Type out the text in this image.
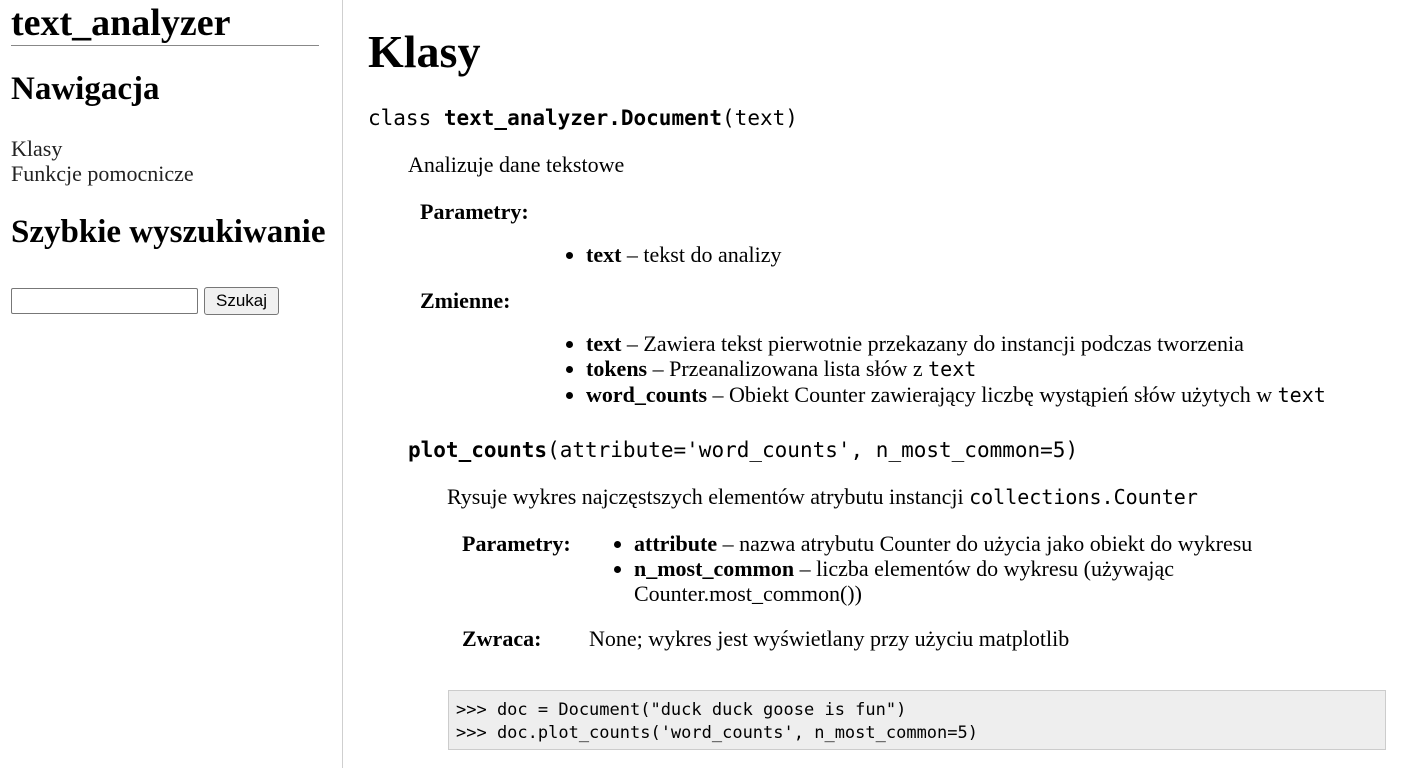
text_analyzer
Nawigacja
Klasy
Funkcje pomocnicze
Szybkie wyszukiwanie
Szukaj
Klasy
class text_analyzer.Document(text)
Analizuje dane tekstowe
Parametry:
• text – tekst do analizy
Zmienne:
• text – Zawiera tekst pierwotnie przekazany do instancji podczas tworzenia
• tokens – Przeanalizowana lista słów z text
• word_counts – Obiekt Counter zawierający liczbę wystąpień słów użytych w text
plot_counts(attribute='word_counts', n_most_common=5)
Rysuje wykres najczęstszych elementów atrybutu instancji collections.Counter
Parametry:
•	attribute – nazwa atrybutu Counter do użycia jako obiekt do wykresu
• n_most_common – liczba elementów do wykresu (używając Counter.most_common())
Zwraca: None; wykres jest wyświetlany przy użyciu matplotlib
>>> doc = Document("duck duck goose is fun")
>>> doc.plot_counts('word_counts', n_most_common=5)
